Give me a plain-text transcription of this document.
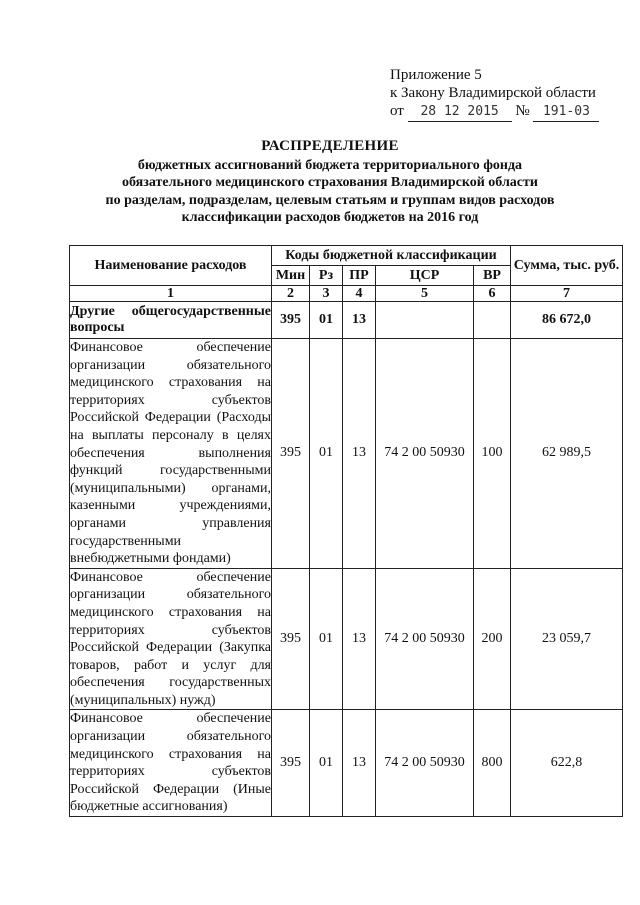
Приложение 5
к Закону Владимирской области
от 28 12 2015 № 191-03
РАСПРЕДЕЛЕНИЕ
бюджетных ассигнований бюджета территориального фонда
обязательного медицинского страхования Владимирской области
по разделам, подразделам, целевым статьям и группам видов расходов
классификации расходов бюджетов на 2016 год
Наименование расходов	Коды бюджетной классификации					Сумма, тыс. руб.
	Мин	Рз	ПР	ЦСР	ВР	
1	2	3	4	5	6	7
Другие общегосударственные вопросы	395	01	13			86 672,0
Финансовое обеспечение организации обязательного медицинского страхования на территориях субъектов Российской Федерации (Расходы на выплаты персоналу в целях обеспечения выполнения функций государственными (муниципальными) органами, казенными учреждениями, органами управления государственными внебюджетными фондами)	395	01	13	74 2 00 50930	100	62 989,5
Финансовое обеспечение организации обязательного медицинского страхования на территориях субъектов Российской Федерации (Закупка товаров, работ и услуг для обеспечения государственных (муниципальных) нужд)	395	01	13	74 2 00 50930	200	23 059,7
Финансовое обеспечение организации обязательного медицинского страхования на территориях субъектов Российской Федерации (Иные бюджетные ассигнования)	395	01	13	74 2 00 50930	800	622,8
